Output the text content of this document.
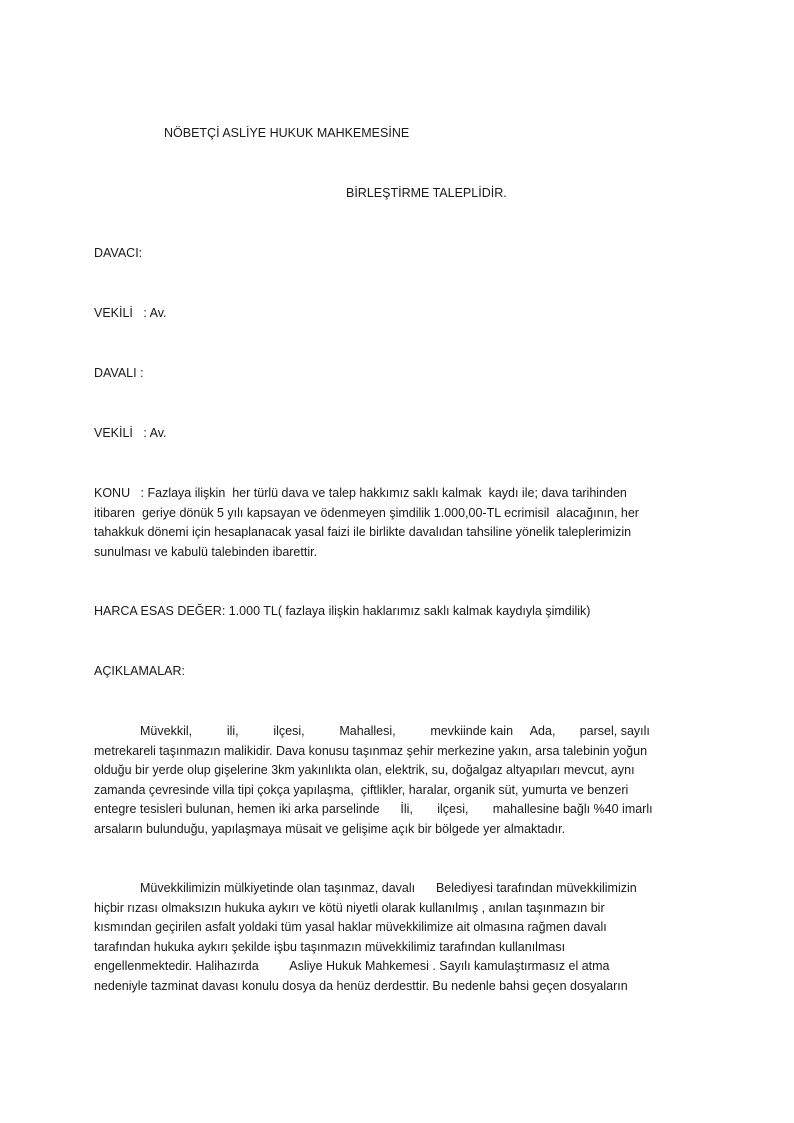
NÖBETÇİ ASLİYE HUKUK MAHKEMESİNE
BİRLEŞTİRME TALEPLİDİR.
DAVACI:
VEKİLİ   : Av.
DAVALI :
VEKİLİ   : Av.
KONU   : Fazlaya ilişkin  her türlü dava ve talep hakkımız saklı kalmak  kaydı ile; dava tarihinden
itibaren  geriye dönük 5 yılı kapsayan ve ödenmeyen şimdilik 1.000,00-TL ecrimisil  alacağının, her
tahakkuk dönemi için hesaplanacak yasal faizi ile birlikte davalıdan tahsiline yönelik taleplerimizin
sunulması ve kabulü talebinden ibarettir.
HARCA ESAS DEĞER: 1.000 TL( fazlaya ilişkin haklarımız saklı kalmak kaydıyla şimdilik)
AÇIKLAMALAR:
Müvekkil,          ili,          ilçesi,          Mahallesi,          mevkiinde kain     Ada,       parsel, sayılı
metrekareli taşınmazın malikidir. Dava konusu taşınmaz şehir merkezine yakın, arsa talebinin yoğun
olduğu bir yerde olup gişelerine 3km yakınlıkta olan, elektrik, su, doğalgaz altyapıları mevcut, aynı
zamanda çevresinde villa tipi çokça yapılaşma,  çiftlikler, haralar, organik süt, yumurta ve benzeri
entegre tesisleri bulunan, hemen iki arka parselinde      İli,       ilçesi,       mahallesine bağlı %40 imarlı
arsaların bulunduğu, yapılaşmaya müsait ve gelişime açık bir bölgede yer almaktadır.
Müvekkilimizin mülkiyetinde olan taşınmaz, davalı      Belediyesi tarafından müvekkilimizin
hiçbir rızası olmaksızın hukuka aykırı ve kötü niyetli olarak kullanılmış , anılan taşınmazın bir
kısmından geçirilen asfalt yoldaki tüm yasal haklar müvekkilimize ait olmasına rağmen davalı
tarafından hukuka aykırı şekilde işbu taşınmazın müvekkilimiz tarafından kullanılması
engellenmektedir. Halihazırda         Asliye Hukuk Mahkemesi . Sayılı kamulaştırmasız el atma
nedeniyle tazminat davası konulu dosya da henüz derdesttir. Bu nedenle bahsi geçen dosyaların
